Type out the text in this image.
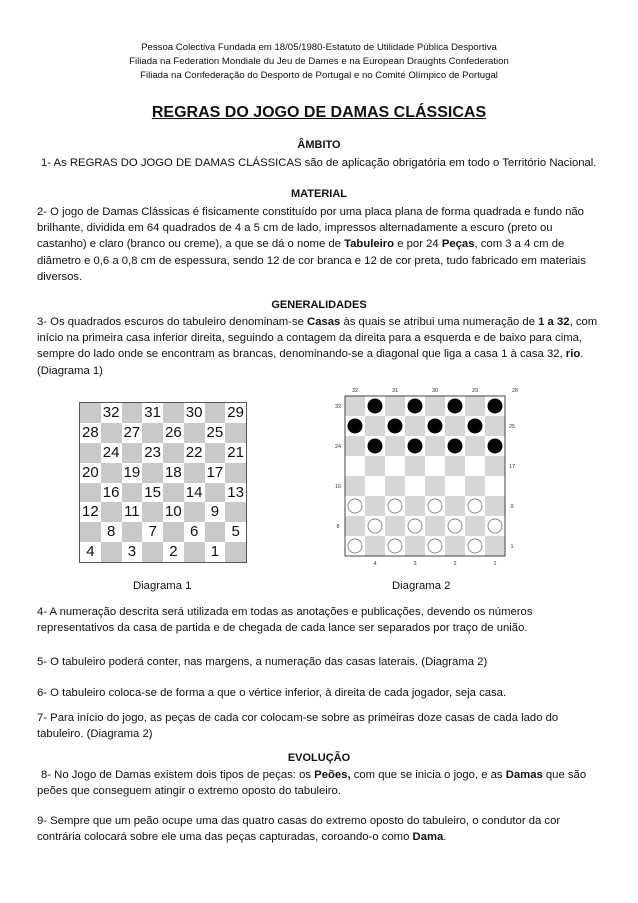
Pessoa Colectiva Fundada em 18/05/1980-Estatuto de Utilidade Pública Desportiva
Filiada na Federation Mondiale du Jeu de Dames e na European Draughts Confederation
Filiada na Confederação do Desporto de Portugal e no Comité Olímpico de Portugal
REGRAS DO JOGO DE DAMAS CLÁSSICAS
ÂMBITO
1- As REGRAS DO JOGO DE DAMAS CLÁSSICAS são de aplicação obrigatória em todo o Território Nacional.
MATERIAL
2- O jogo de Damas Clássicas é fisicamente constituído por uma placa plana de forma quadrada e fundo não brilhante, dividida em 64 quadrados de 4 a 5 cm de lado, impressos alternadamente a escuro (preto ou castanho) e claro (branco ou creme), a que se dá o nome de Tabuleiro e por 24 Peças, com 3 a 4 cm de diâmetro e 0,6 a 0,8 cm de espessura, sendo 12 de cor branca e 12 de cor preta, tudo fabricado em materiais diversos.
GENERALIDADES
3- Os quadrados escuros do tabuleiro denominam-se Casas às quais se atribui uma numeração de 1 a 32, com início na primeira casa inferior direita, seguindo a contagem da direita para a esquerda e de baixo para cima, sempre do lado onde se encontram as brancas, denominando-se a diagonal que liga a casa 1 à casa 32, rio. (Diagrama 1)
32	31	30	29
28	27	26	25
24	23	22	21
20	19	18	17
16	15	14	13
12	11	10	9
8	7	6	5
4	3	2	1
32	31	30	29	28
32
24
16
8
25
17
9
1
4	3	2	1
Diagrama 1	Diagrama 2
4- A numeração descrita será utilizada em todas as anotações e publicações, devendo os números representativos da casa de partida e de chegada de cada lance ser separados por traço de união.
5- O tabuleiro poderá conter, nas margens, a numeração das casas laterais. (Diagrama 2)
6- O tabuleiro coloca-se de forma a que o vértice inferior, à direita de cada jogador, seja casa.
7- Para início do jogo, as peças de cada cor colocam-se sobre as primeiras doze casas de cada lado do tabuleiro. (Diagrama 2)
EVOLUÇÃO
8- No Jogo de Damas existem dois tipos de peças: os Peões, com que se inicia o jogo, e as Damas que são peões que conseguem atingir o extremo oposto do tabuleiro.
9- Sempre que um peão ocupe uma das quatro casas do extremo oposto do tabuleiro, o condutor da cor contrária colocará sobre ele uma das peças capturadas, coroando-o como Dama.
